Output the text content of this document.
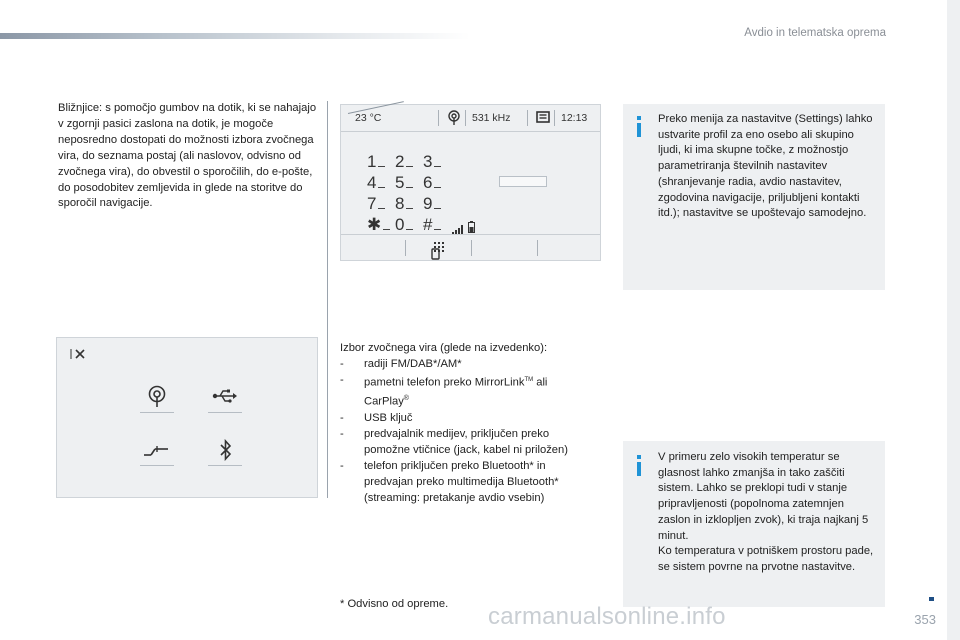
Avdio in telematska oprema
Bližnjice: s pomočjo gumbov na dotik, ki se nahajajo v zgornji pasici zaslona na dotik, je mogoče neposredno dostopati do možnosti izbora zvočnega vira, do seznama postaj (ali naslovov, odvisno od zvočnega vira), do obvestil o sporočilih, do e-pošte, do posodobitev zemljevida in glede na storitve do sporočil navigacije.
23 °C	531 kHz	12:13
1	2	3
4	5	6
7	8	9
✱ 0	#
Preko menija za nastavitve (Settings) lahko ustvarite profil za eno osebo ali skupino ljudi, ki ima skupne točke, z možnostjo parametriranja številnih nastavitev (shranjevanje radia, avdio nastavitev, zgodovina navigacije, priljubljeni kontakti itd.); nastavitve se upoštevajo samodejno.
Izbor zvočnega vira (glede na izvedenko):
- radiji FM/DAB*/AM*
- pametni telefon preko MirrorLink™ ali
CarPlay®
- USB ključ
- predvajalnik medijev, priključen preko
pomožne vtičnice (jack, kabel ni priložen)
- telefon priključen preko Bluetooth* in
predvajan preko multimedija Bluetooth*
(streaming: pretakanje avdio vsebin)
V primeru zelo visokih temperatur se glasnost lahko zmanjša in tako zaščiti sistem. Lahko se preklopi tudi v stanje pripravljenosti (popolnoma zatemnjen zaslon in izklopljen zvok), ki traja najkanj 5 minut.
Ko temperatura v potniškem prostoru pade, se sistem povrne na prvotne nastavitve.
* Odvisno od opreme.
353
carmanualsonline.info
